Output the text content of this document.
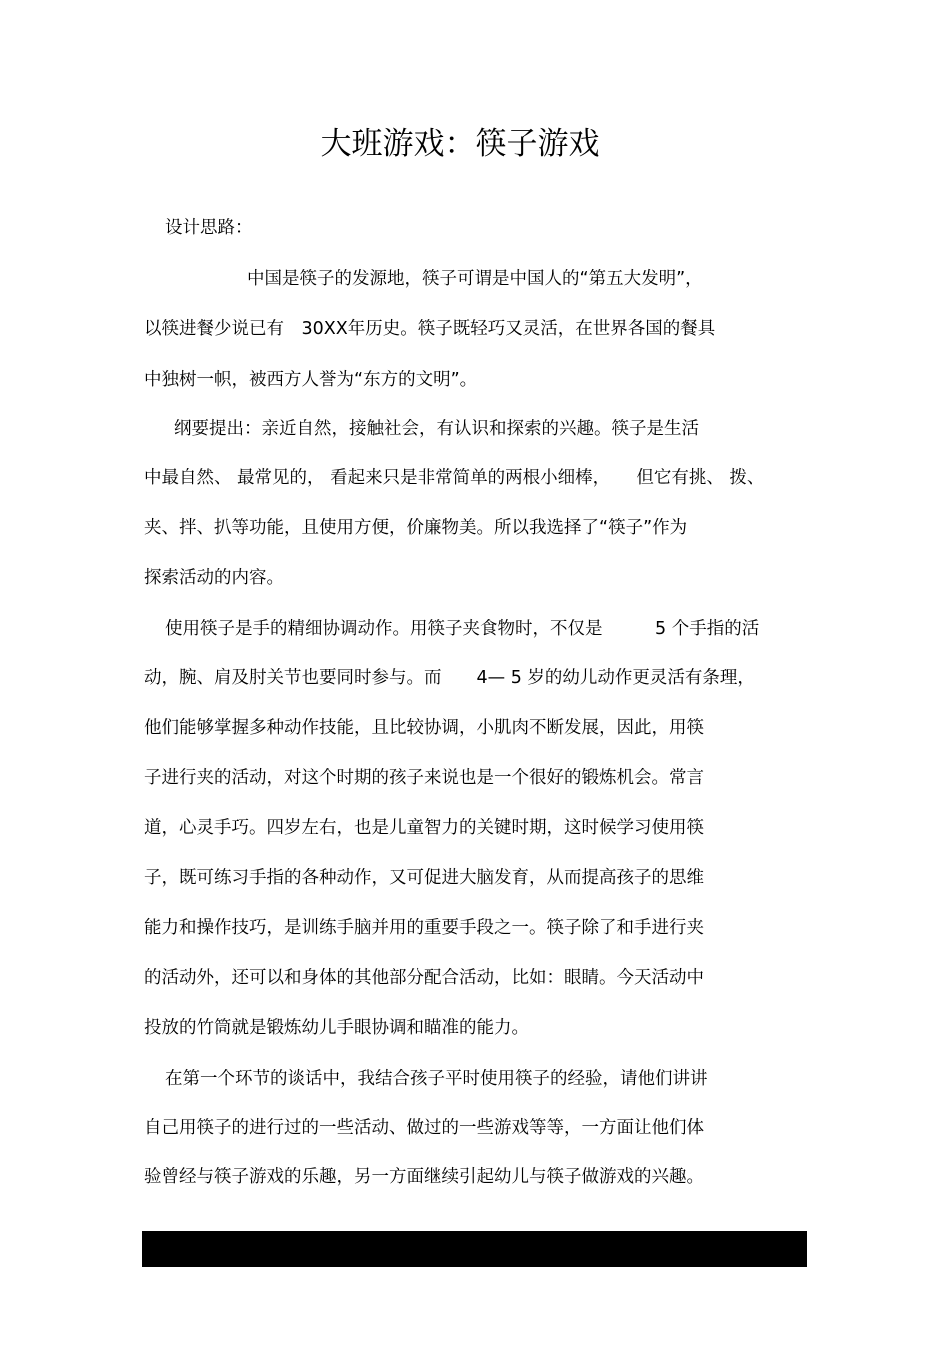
大班游戏：筷子游戏

设计思路：

中国是筷子的发源地，筷子可谓是中国人的“第五大发明”，

以筷进餐少说已有　30XX年历史。筷子既轻巧又灵活，在世界各国的餐具

中独树一帜，被西方人誉为“东方的文明”。

纲要提出：亲近自然，接触社会，有认识和探索的兴趣。筷子是生活

中最自然、 最常见的， 看起来只是非常简单的两根小细棒，　　但它有挑、 拨、

夹、拌、扒等功能，且使用方便，价廉物美。所以我选择了“筷子”作为

探索活动的内容。

使用筷子是手的精细协调动作。用筷子夹食物时，不仅是　　　5 个手指的活

动，腕、肩及肘关节也要同时参与。而　　4— 5 岁的幼儿动作更灵活有条理，

他们能够掌握多种动作技能，且比较协调，小肌肉不断发展，因此，用筷

子进行夹的活动，对这个时期的孩子来说也是一个很好的锻炼机会。常言

道，心灵手巧。四岁左右，也是儿童智力的关键时期，这时候学习使用筷

子，既可练习手指的各种动作，又可促进大脑发育，从而提高孩子的思维

能力和操作技巧，是训练手脑并用的重要手段之一。筷子除了和手进行夹

的活动外，还可以和身体的其他部分配合活动，比如：眼睛。今天活动中

投放的竹筒就是锻炼幼儿手眼协调和瞄准的能力。

在第一个环节的谈话中，我结合孩子平时使用筷子的经验，请他们讲讲

自己用筷子的进行过的一些活动、做过的一些游戏等等，一方面让他们体

验曾经与筷子游戏的乐趣，另一方面继续引起幼儿与筷子做游戏的兴趣。
